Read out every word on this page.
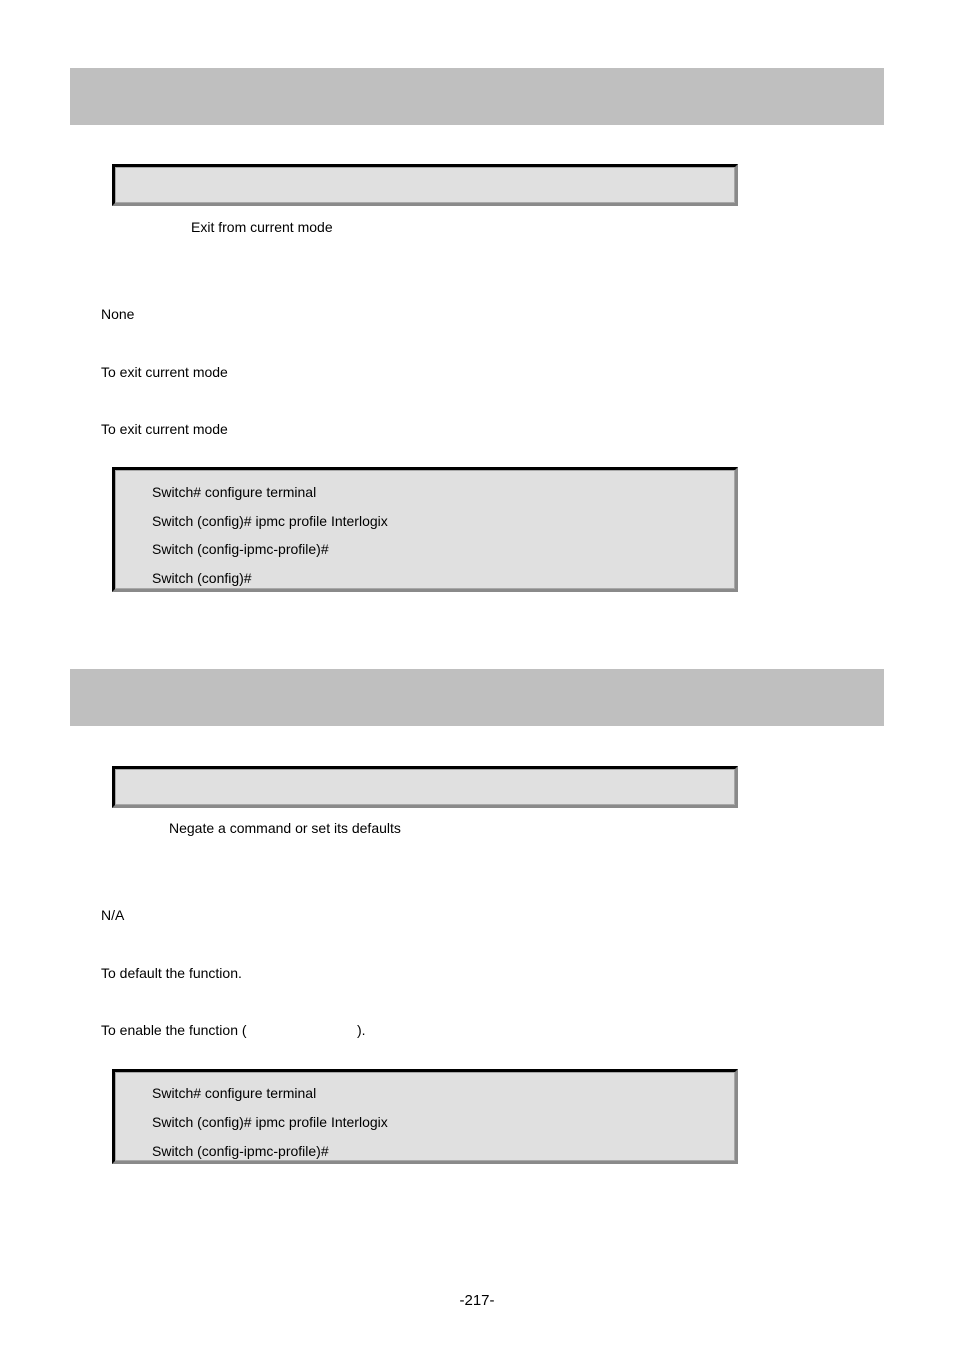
Exit from current mode
None
To exit current mode
To exit current mode
Switch# configure terminal
Switch (config)# ipmc profile Interlogix
Switch (config-ipmc-profile)#
Switch (config)#
Negate a command or set its defaults
N/A
To default the function.
To enable the function (	).
Switch# configure terminal
Switch (config)# ipmc profile Interlogix
Switch (config-ipmc-profile)#
-217-
